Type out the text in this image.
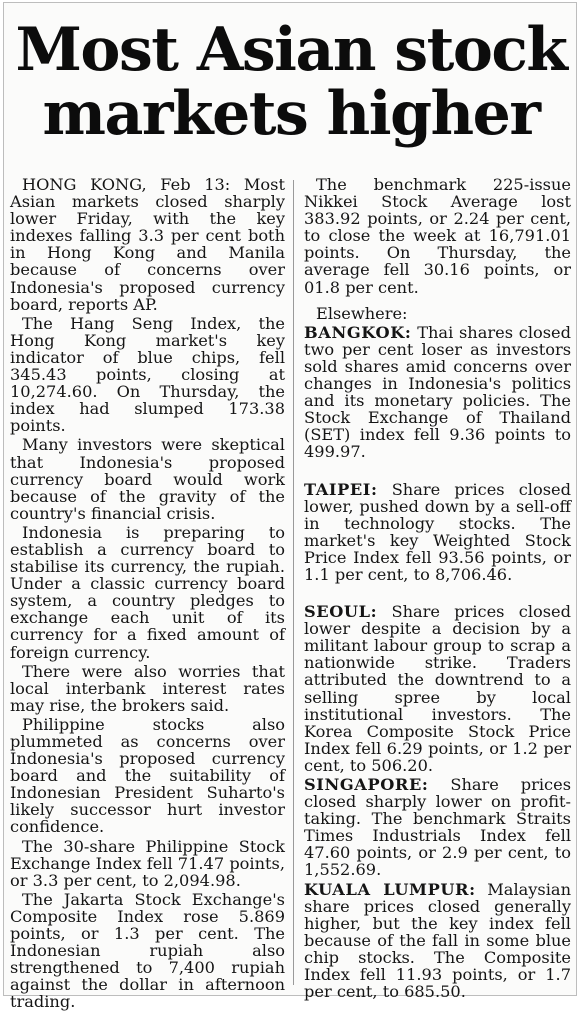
Most Asian stock
markets higher

HONG KONG, Feb 13: Most Asian markets closed sharply lower Friday, with the key indexes falling 3.3 per cent both in Hong Kong and Manila because of concerns over Indonesia's proposed currency board, reports AP.

The Hang Seng Index, the Hong Kong market's key indicator of blue chips, fell 345.43 points, closing at 10,274.60. On Thursday, the index had slumped 173.38 points.

Many investors were skeptical that Indonesia's proposed currency board would work because of the gravity of the country's financial crisis.

Indonesia is preparing to establish a currency board to stabilise its currency, the rupiah. Under a classic currency board system, a country pledges to exchange each unit of its currency for a fixed amount of foreign currency.

There were also worries that local interbank interest rates may rise, the brokers said.

Philippine stocks also plummeted as concerns over Indonesia's proposed currency board and the suitability of Indonesian President Suharto's likely successor hurt investor confidence.

The 30-share Philippine Stock Exchange Index fell 71.47 points, or 3.3 per cent, to 2,094.98.

The Jakarta Stock Exchange's Composite Index rose 5.869 points, or 1.3 per cent. The Indonesian rupiah also strengthened to 7,400 rupiah against the dollar in afternoon trading.

The benchmark 225-issue Nikkei Stock Average lost 383.92 points, or 2.24 per cent, to close the week at 16,791.01 points. On Thursday, the average fell 30.16 points, or 01.8 per cent.

Elsewhere:

BANGKOK: Thai shares closed two per cent loser as investors sold shares amid concerns over changes in Indonesia's politics and its monetary policies. The Stock Exchange of Thailand (SET) index fell 9.36 points to 499.97.

TAIPEI: Share prices closed lower, pushed down by a sell-off in technology stocks. The market's key Weighted Stock Price Index fell 93.56 points, or 1.1 per cent, to 8,706.46.

SEOUL: Share prices closed lower despite a decision by a militant labour group to scrap a nationwide strike. Traders attributed the downtrend to a selling spree by local institutional investors. The Korea Composite Stock Price Index fell 6.29 points, or 1.2 per cent, to 506.20.

SINGAPORE: Share prices closed sharply lower on profit-taking. The benchmark Straits Times Industrials Index fell 47.60 points, or 2.9 per cent, to 1,552.69.

KUALA LUMPUR: Malaysian share prices closed generally higher, but the key index fell because of the fall in some blue chip stocks. The Composite Index fell 11.93 points, or 1.7 per cent, to 685.50.
